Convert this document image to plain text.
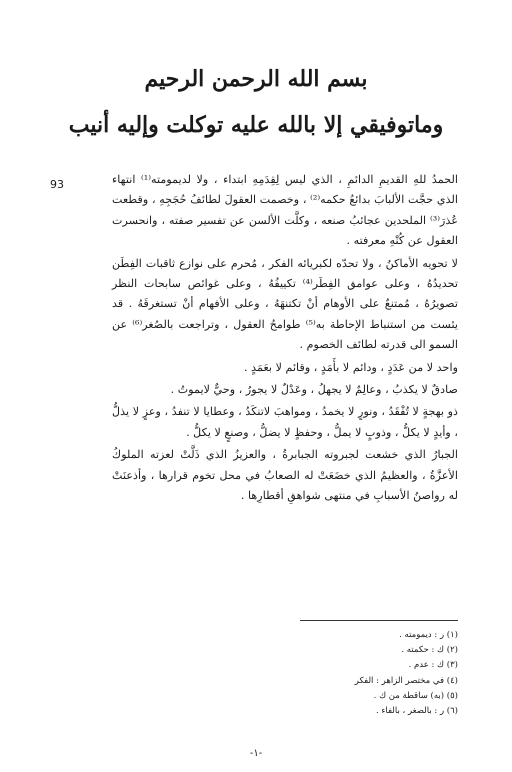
بسم الله الرحمن الرحيم
وماتوفيقي إلا بالله عليه توكلت وإليه أنيب
93	الحمدُ للهِ القديمِ الدائمِ ، الذي ليس لِقِدَمِهِ ابتداء ، ولا لديمومته⁽¹⁾ انتهاء الذي حجَّت الألبابَ بدائعُ حكمه⁽²⁾ ، وخصمت العقولَ لطائفُ حُجَجِهِ ، وقطعت عُذرَ⁽³⁾ الملحدين عجائبُ صنعه ، وكلَّت الألسن عن تفسير صفته ، وانحسرت العقول عن كُنْهِ معرفته .

لا تحويه الأماكنُ ، ولا تحدّه لكبريائه الفكر ، مُحرم على نوازع ثاقبات الفِطَن تحديدُهُ ، وعلى عوامق الفِطَر⁽⁴⁾ تكييفُهُ ، وعلى غوائص سابحات النظر تصويرُهُ ، مُمتنعٌ على الأوهام أنْ تكتنهَهُ ، وعلى الأفهام أنْ تستغرقَهُ . قد يئست من استنباط الإحاطة به⁽⁵⁾ طوامحُ العقول ، وتراجعت بالصُغر⁽⁶⁾ عن السمو الى قدرته لطائف الخصوم .

واحد لا من عَدَدٍ ، ودائم لا بأَمَدٍ ، وقائم لا بعَمَدٍ .

صادقٌ لا يكذبُ ، وعالِمٌ لا يجهلُ ، وعَدْلٌ لا يجورُ ، وحيٌّ لايموتُ .

ذو بهجةٍ لا تُفْقَدُ ، ونورٍ لا يخمدُ ، ومواهبَ لاتنكَدُ ، وعطايا لا تنفدُ ، وعزٍ لا يذلُّ ، وأيدٍ لا يكلُّ ، وذوبٍ لا يملُّ ، وحفظٍ لا يضلُّ ، وصنعٍ لا يكلُّ .

الجبارُ الذي خشعت لجبروته الجبابرةُ ، والعزيزُ الذي ذَلَّتْ لعزته الملوكُ الأعزَّةُ ، والعظيمُ الذي خضَعَتْ له الصعابُ في محل تخوم قرارها ، وأذعنَتْ له رواصنُ الأسبابِ في منتهى شواهقِ أقطارِها .

(١) ر : ديمومته .
(٢) ك : حكمته .
(٣) ك : عدم .
(٤) في مختصر الزاهر : الفكر
(٥) (به) ساقطة من ك .
(٦) ر : بالصغر ، بالفاء .
-١-
